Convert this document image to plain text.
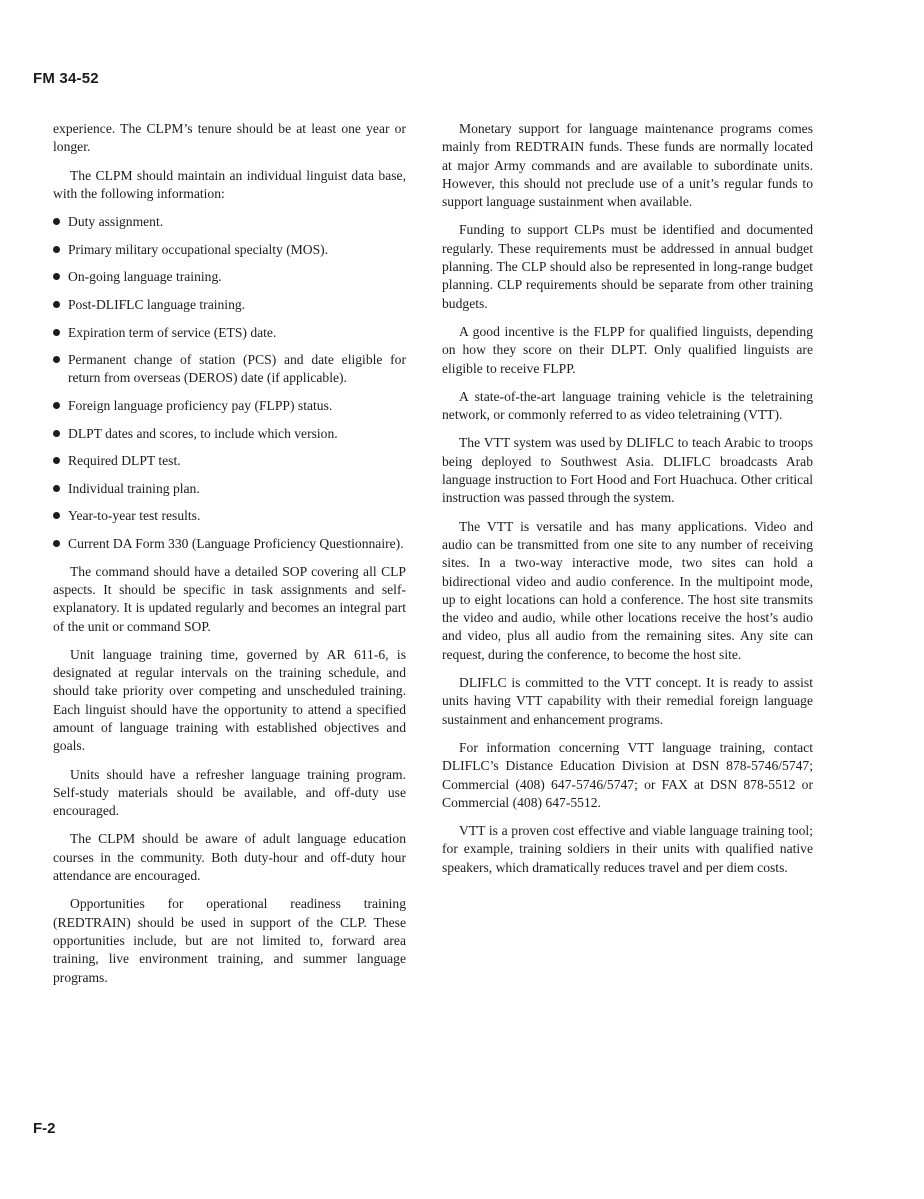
FM 34-52

experience. The CLPM’s tenure should be at least one year or longer.

The CLPM should maintain an individual linguist data base, with the following information:

Duty assignment.
Primary military occupational specialty (MOS).
On-going language training.
Post-DLIFLC language training.
Expiration term of service (ETS) date.
Permanent change of station (PCS) and date eligible for return from overseas (DEROS) date (if applicable).
Foreign language proficiency pay (FLPP) status.
DLPT dates and scores, to include which version.
Required DLPT test.
Individual training plan.
Year-to-year test results.
Current DA Form 330 (Language Proficiency Questionnaire).

The command should have a detailed SOP covering all CLP aspects. It should be specific in task assignments and self-explanatory. It is updated regularly and becomes an integral part of the unit or command SOP.

Unit language training time, governed by AR 611-6, is designated at regular intervals on the training schedule, and should take priority over competing and unscheduled training. Each linguist should have the opportunity to attend a specified amount of language training with established objectives and goals.

Units should have a refresher language training program. Self-study materials should be available, and off-duty use encouraged.

The CLPM should be aware of adult language education courses in the community. Both duty-hour and off-duty hour attendance are encouraged.

Opportunities for operational readiness training (REDTRAIN) should be used in support of the CLP. These opportunities include, but are not limited to, forward area training, live environment training, and summer language programs.

Monetary support for language maintenance programs comes mainly from REDTRAIN funds. These funds are normally located at major Army commands and are available to subordinate units. However, this should not preclude use of a unit’s regular funds to support language sustainment when available.

Funding to support CLPs must be identified and documented regularly. These requirements must be addressed in annual budget planning. The CLP should also be represented in long-range budget planning. CLP requirements should be separate from other training budgets.

A good incentive is the FLPP for qualified linguists, depending on how they score on their DLPT. Only qualified linguists are eligible to receive FLPP.

A state-of-the-art language training vehicle is the teletraining network, or commonly referred to as video teletraining (VTT).

The VTT system was used by DLIFLC to teach Arabic to troops being deployed to Southwest Asia. DLIFLC broadcasts Arab language instruction to Fort Hood and Fort Huachuca. Other critical instruction was passed through the system.

The VTT is versatile and has many applications. Video and audio can be transmitted from one site to any number of receiving sites. In a two-way interactive mode, two sites can hold a bidirectional video and audio conference. In the multipoint mode, up to eight locations can hold a conference. The host site transmits the video and audio, while other locations receive the host’s audio and video, plus all audio from the remaining sites. Any site can request, during the conference, to become the host site.

DLIFLC is committed to the VTT concept. It is ready to assist units having VTT capability with their remedial foreign language sustainment and enhancement programs.

For information concerning VTT language training, contact DLIFLC’s Distance Education Division at DSN 878-5746/5747; Commercial (408) 647-5746/5747; or FAX at DSN 878-5512 or Commercial (408) 647-5512.

VTT is a proven cost effective and viable language training tool; for example, training soldiers in their units with qualified native speakers, which dramatically reduces travel and per diem costs.

F-2
